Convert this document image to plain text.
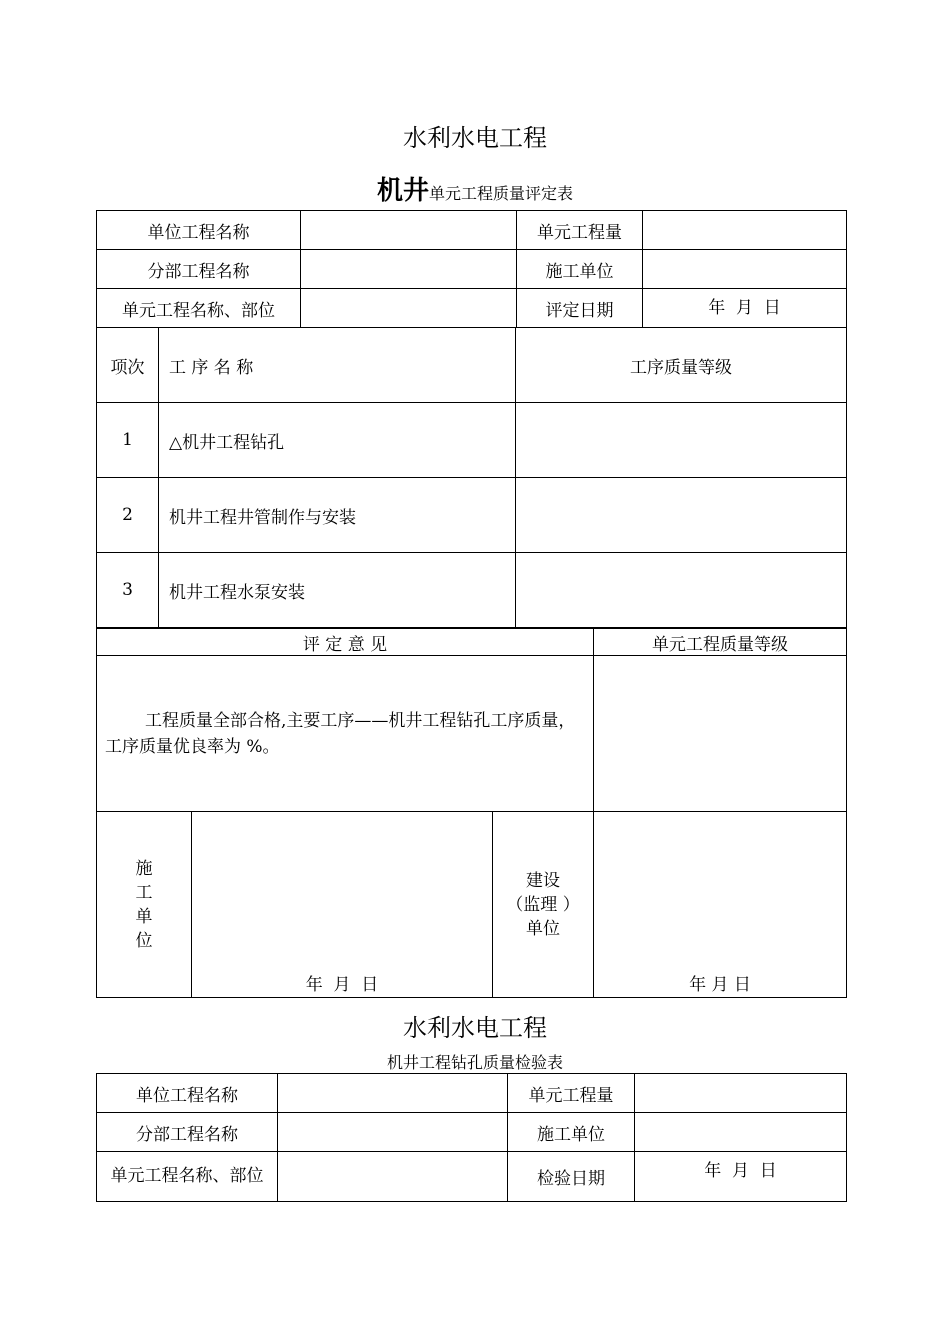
水利水电工程
机井单元工程质量评定表
单位工程名称		单元工程量	
分部工程名称		施工单位	
单元工程名称、部位		评定日期	年  月  日
项次	工 序 名 称	工序质量等级
1	△机井工程钻孔	
2	机井工程井管制作与安装	
3	机井工程水泵安装	
评 定 意 见	单元工程质量等级
工程质量全部合格,主要工序——机井工程钻孔工序质量，工序质量优良率为 %。	
施
工
单
位
	年  月  日	
建设
（监理 ）
单位
	年 月 日
水利水电工程
机井工程钻孔质量检验表
单位工程名称		单元工程量	
分部工程名称		施工单位	
单元工程名称、部位		检验日期	年  月  日
